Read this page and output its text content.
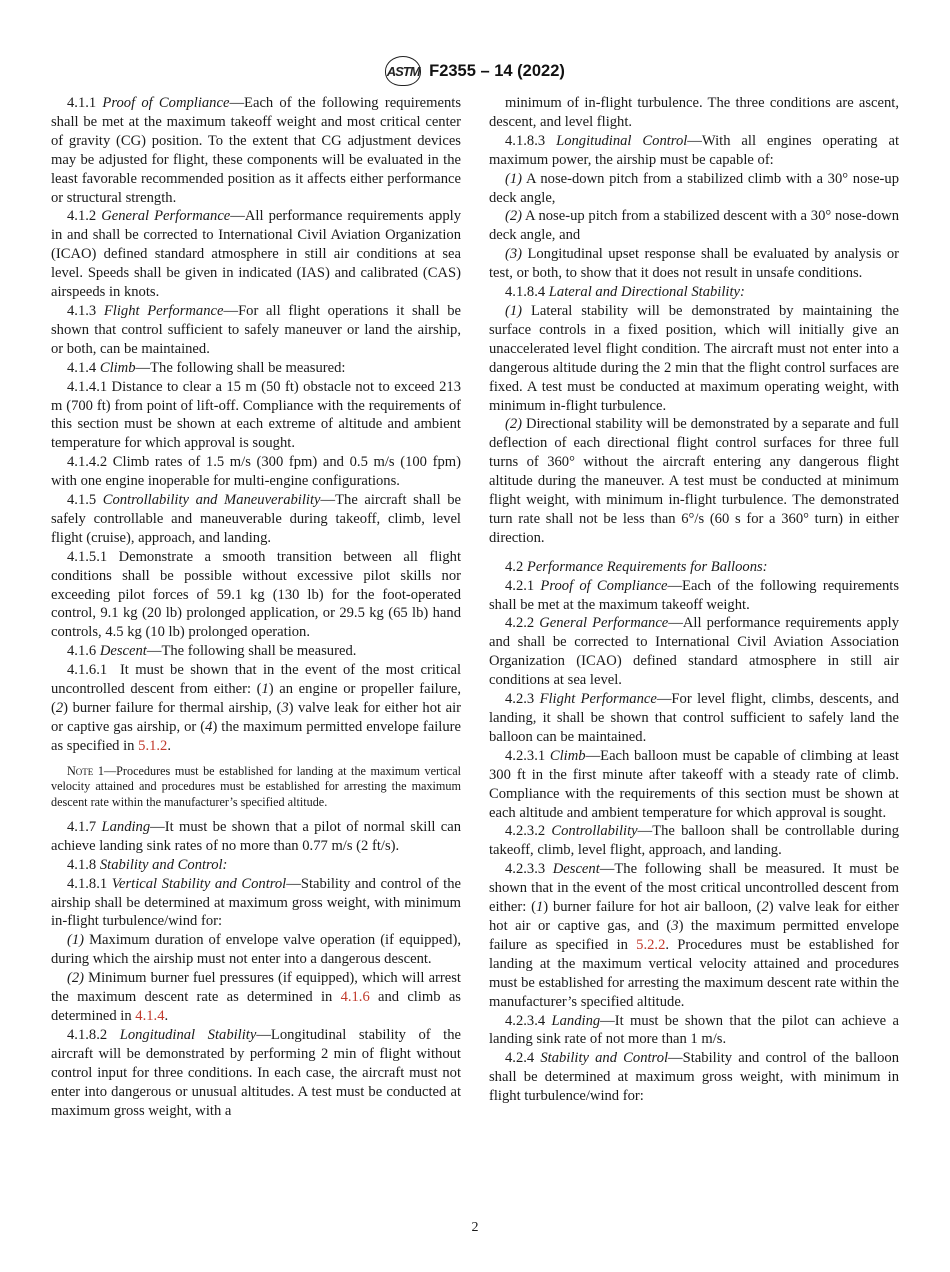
ASTM F2355 – 14 (2022)

4.1.1 Proof of Compliance—Each of the following requirements shall be met at the maximum takeoff weight and most critical center of gravity (CG) position. To the extent that CG adjustment devices may be adjusted for flight, these components will be evaluated in the least favorable recommended position as it affects either performance or structural strength.

4.1.2 General Performance—All performance requirements apply in and shall be corrected to International Civil Aviation Organization (ICAO) defined standard atmosphere in still air conditions at sea level. Speeds shall be given in indicated (IAS) and calibrated (CAS) airspeeds in knots.

4.1.3 Flight Performance—For all flight operations it shall be shown that control sufficient to safely maneuver or land the airship, or both, can be maintained.

4.1.4 Climb—The following shall be measured:

4.1.4.1 Distance to clear a 15 m (50 ft) obstacle not to exceed 213 m (700 ft) from point of lift-off. Compliance with the requirements of this section must be shown at each extreme of altitude and ambient temperature for which approval is sought.

4.1.4.2 Climb rates of 1.5 m/s (300 fpm) and 0.5 m/s (100 fpm) with one engine inoperable for multi-engine configurations.

4.1.5 Controllability and Maneuverability—The aircraft shall be safely controllable and maneuverable during takeoff, climb, level flight (cruise), approach, and landing.

4.1.5.1 Demonstrate a smooth transition between all flight conditions shall be possible without excessive pilot skills nor exceeding pilot forces of 59.1 kg (130 lb) for the foot-operated control, 9.1 kg (20 lb) prolonged application, or 29.5 kg (65 lb) hand controls, 4.5 kg (10 lb) prolonged operation.

4.1.6 Descent—The following shall be measured.

4.1.6.1 It must be shown that in the event of the most critical uncontrolled descent from either: (1) an engine or propeller failure, (2) burner failure for thermal airship, (3) valve leak for either hot air or captive gas airship, or (4) the maximum permitted envelope failure as specified in 5.1.2.

Note 1—Procedures must be established for landing at the maximum vertical velocity attained and procedures must be established for arresting the maximum descent rate within the manufacturer’s specified altitude.

4.1.7 Landing—It must be shown that a pilot of normal skill can achieve landing sink rates of no more than 0.77 m/s (2 ft/s).

4.1.8 Stability and Control:

4.1.8.1 Vertical Stability and Control—Stability and control of the airship shall be determined at maximum gross weight, with minimum in-flight turbulence/wind for:

(1) Maximum duration of envelope valve operation (if equipped), during which the airship must not enter into a dangerous descent.

(2) Minimum burner fuel pressures (if equipped), which will arrest the maximum descent rate as determined in 4.1.6 and climb as determined in 4.1.4.

4.1.8.2 Longitudinal Stability—Longitudinal stability of the aircraft will be demonstrated by performing 2 min of flight without control input for three conditions. In each case, the aircraft must not enter into dangerous or unusual altitudes. A test must be conducted at maximum gross weight, with a

minimum of in-flight turbulence. The three conditions are ascent, descent, and level flight.

4.1.8.3 Longitudinal Control—With all engines operating at maximum power, the airship must be capable of:

(1) A nose-down pitch from a stabilized climb with a 30° nose-up deck angle,

(2) A nose-up pitch from a stabilized descent with a 30° nose-down deck angle, and

(3) Longitudinal upset response shall be evaluated by analysis or test, or both, to show that it does not result in unsafe conditions.

4.1.8.4 Lateral and Directional Stability:

(1) Lateral stability will be demonstrated by maintaining the surface controls in a fixed position, which will initially give an unaccelerated level flight condition. The aircraft must not enter into a dangerous altitude during the 2 min that the flight control surfaces are fixed. A test must be conducted at maximum operating weight, with minimum in-flight turbulence.

(2) Directional stability will be demonstrated by a separate and full deflection of each directional flight control surfaces for three full turns of 360° without the aircraft entering any dangerous flight altitude during the maneuver. A test must be conducted at minimum flight weight, with minimum in-flight turbulence. The demonstrated turn rate shall not be less than 6°/s (60 s for a 360° turn) in either direction.

4.2 Performance Requirements for Balloons:

4.2.1 Proof of Compliance—Each of the following requirements shall be met at the maximum takeoff weight.

4.2.2 General Performance—All performance requirements apply and shall be corrected to International Civil Aviation Association Organization (ICAO) defined standard atmosphere in still air conditions at sea level.

4.2.3 Flight Performance—For level flight, climbs, descents, and landing, it shall be shown that control sufficient to safely land the balloon can be maintained.

4.2.3.1 Climb—Each balloon must be capable of climbing at least 300 ft in the first minute after takeoff with a steady rate of climb. Compliance with the requirements of this section must be shown at each altitude and ambient temperature for which approval is sought.

4.2.3.2 Controllability—The balloon shall be controllable during takeoff, climb, level flight, approach, and landing.

4.2.3.3 Descent—The following shall be measured. It must be shown that in the event of the most critical uncontrolled descent from either: (1) burner failure for hot air balloon, (2) valve leak for either hot air or captive gas, and (3) the maximum permitted envelope failure as specified in 5.2.2. Procedures must be established for landing at the maximum vertical velocity attained and procedures must be established for arresting the maximum descent rate within the manufacturer’s specified altitude.

4.2.3.4 Landing—It must be shown that the pilot can achieve a landing sink rate of not more than 1 m/s.

4.2.4 Stability and Control—Stability and control of the balloon shall be determined at maximum gross weight, with minimum in flight turbulence/wind for:

2
